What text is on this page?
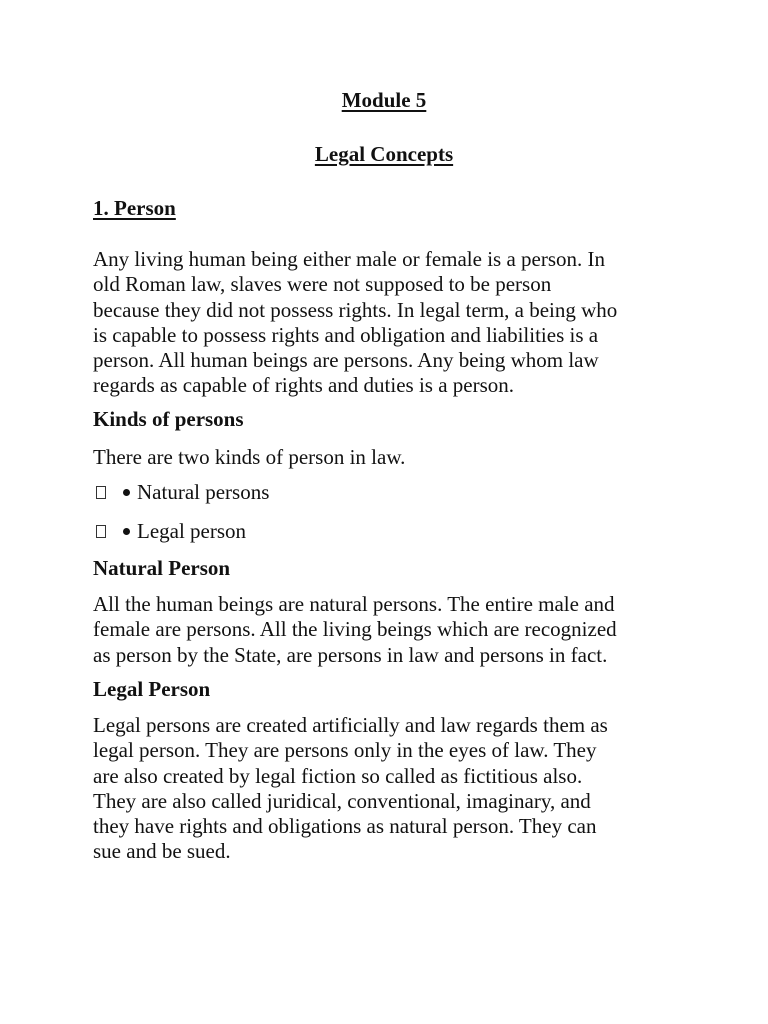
Module 5
Legal Concepts
1. Person

Any living human being either male or female is a person. In
old Roman law, slaves were not supposed to be person
because they did not possess rights. In legal term, a being who
is capable to possess rights and obligation and liabilities is a
person. All human beings are persons. Any being whom law
regards as capable of rights and duties is a person.

Kinds of persons

There are two kinds of person in law.

Natural persons
Legal person
Natural Person

All the human beings are natural persons. The entire male and
female are persons. All the living beings which are recognized
as person by the State, are persons in law and persons in fact.

Legal Person

Legal persons are created artificially and law regards them as
legal person. They are persons only in the eyes of law. They
are also created by legal fiction so called as fictitious also.
They are also called juridical, conventional, imaginary, and
they have rights and obligations as natural person. They can
sue and be sued.
